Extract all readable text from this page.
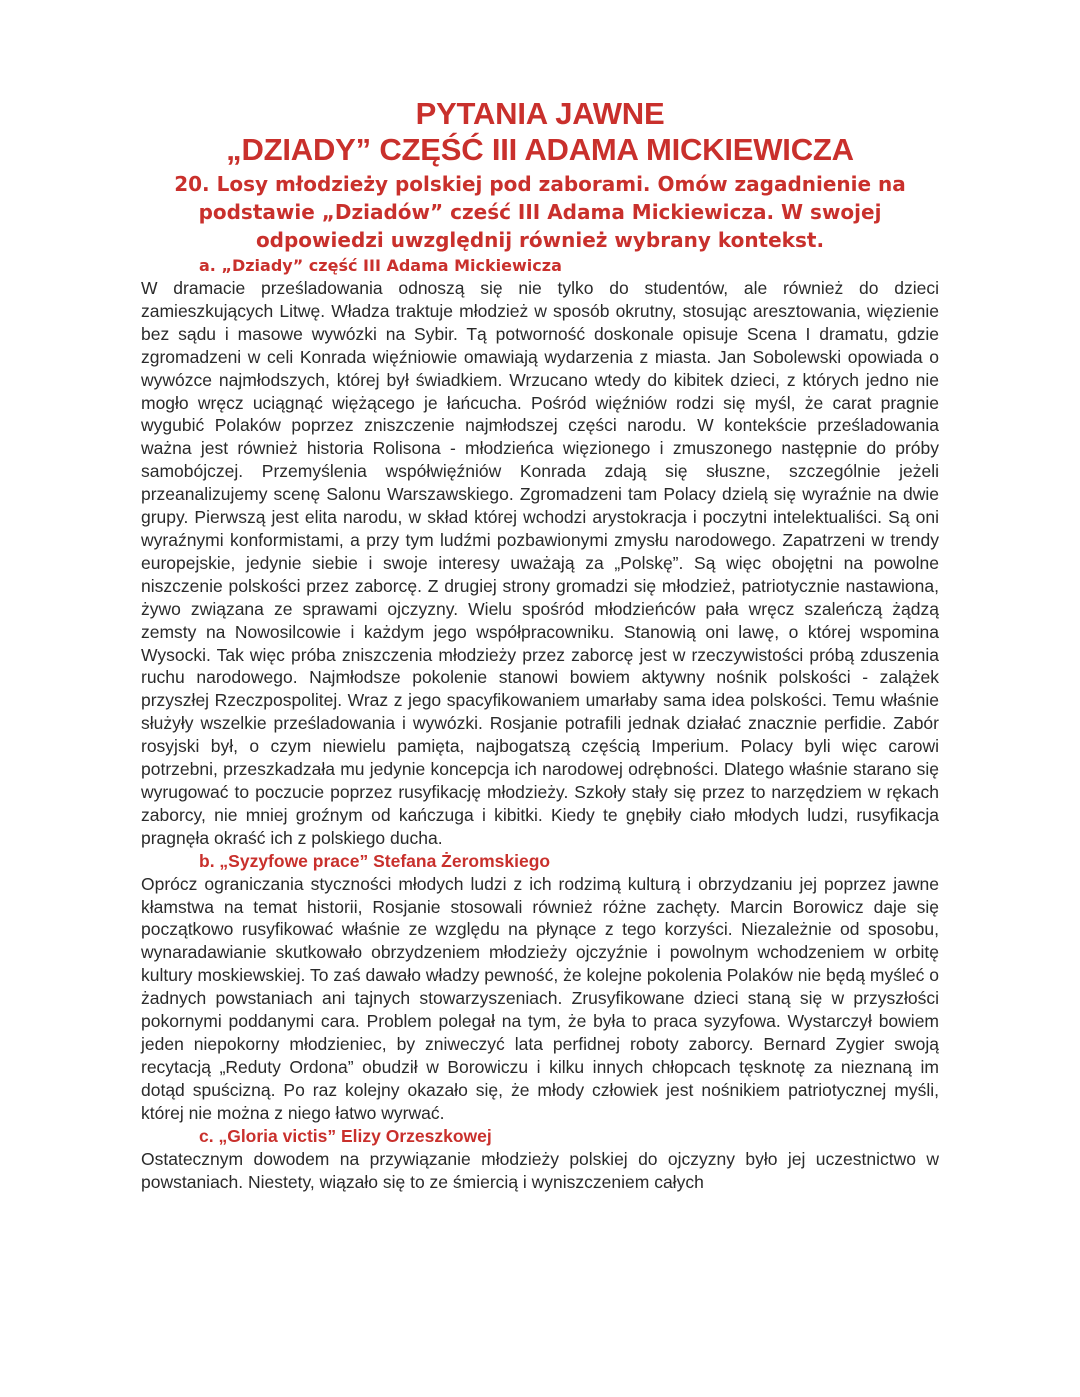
PYTANIA JAWNE
„DZIADY” CZĘŚĆ III ADAMA MICKIEWICZA

20. Losy młodzieży polskiej pod zaborami. Omów zagadnienie na podstawie „Dziadów” cześć III Adama Mickiewicza. W swojej odpowiedzi uwzględnij również wybrany kontekst.

a. „Dziady” część III Adama Mickiewicza

W dramacie prześladowania odnoszą się nie tylko do studentów, ale również do dzieci zamieszkujących Litwę. Władza traktuje młodzież w sposób okrutny, stosując aresztowania, więzienie bez sądu i masowe wywózki na Sybir. Tą potworność doskonale opisuje Scena I dramatu, gdzie zgromadzeni w celi Konrada więźniowie omawiają wydarzenia z miasta. Jan Sobolewski opowiada o wywózce najmłodszych, której był świadkiem. Wrzucano wtedy do kibitek dzieci, z których jedno nie mogło wręcz uciągnąć więżącego je łańcucha. Pośród więźniów rodzi się myśl, że carat pragnie wygubić Polaków poprzez zniszczenie najmłodszej części narodu. W kontekście prześladowania ważna jest również historia Rolisona - młodzieńca więzionego i zmuszonego następnie do próby samobójczej. Przemyślenia współwięźniów Konrada zdają się słuszne, szczególnie jeżeli przeanalizujemy scenę Salonu Warszawskiego. Zgromadzeni tam Polacy dzielą się wyraźnie na dwie grupy. Pierwszą jest elita narodu, w skład której wchodzi arystokracja i poczytni intelektualiści. Są oni wyraźnymi konformistami, a przy tym ludźmi pozbawionymi zmysłu narodowego. Zapatrzeni w trendy europejskie, jedynie siebie i swoje interesy uważają za „Polskę”. Są więc obojętni na powolne niszczenie polskości przez zaborcę. Z drugiej strony gromadzi się młodzież, patriotycznie nastawiona, żywo związana ze sprawami ojczyzny. Wielu spośród młodzieńców pała wręcz szaleńczą żądzą zemsty na Nowosilcowie i każdym jego współpracowniku. Stanowią oni lawę, o której wspomina Wysocki. Tak więc próba zniszczenia młodzieży przez zaborcę jest w rzeczywistości próbą zduszenia ruchu narodowego. Najmłodsze pokolenie stanowi bowiem aktywny nośnik polskości - zalążek przyszłej Rzeczpospolitej. Wraz z jego spacyfikowaniem umarłaby sama idea polskości. Temu właśnie służyły wszelkie prześladowania i wywózki. Rosjanie potrafili jednak działać znacznie perfidie. Zabór rosyjski był, o czym niewielu pamięta, najbogatszą częścią Imperium. Polacy byli więc carowi potrzebni, przeszkadzała mu jedynie koncepcja ich narodowej odrębności. Dlatego właśnie starano się wyrugować to poczucie poprzez rusyfikację młodzieży. Szkoły stały się przez to narzędziem w rękach zaborcy, nie mniej groźnym od kańczuga i kibitki. Kiedy te gnębiły ciało młodych ludzi, rusyfikacja pragnęła okraść ich z polskiego ducha.

b. „Syzyfowe prace” Stefana Żeromskiego

Oprócz ograniczania styczności młodych ludzi z ich rodzimą kulturą i obrzydzaniu jej poprzez jawne kłamstwa na temat historii, Rosjanie stosowali również różne zachęty. Marcin Borowicz daje się początkowo rusyfikować właśnie ze względu na płynące z tego korzyści. Niezależnie od sposobu, wynaradawianie skutkowało obrzydzeniem młodzieży ojczyźnie i powolnym wchodzeniem w orbitę kultury moskiewskiej. To zaś dawało władzy pewność, że kolejne pokolenia Polaków nie będą myśleć o żadnych powstaniach ani tajnych stowarzyszeniach. Zrusyfikowane dzieci staną się w przyszłości pokornymi poddanymi cara. Problem polegał na tym, że była to praca syzyfowa. Wystarczył bowiem jeden niepokorny młodzieniec, by zniweczyć lata perfidnej roboty zaborcy. Bernard Zygier swoją recytacją „Reduty Ordona” obudził w Borowiczu i kilku innych chłopcach tęsknotę za nieznaną im dotąd spuścizną. Po raz kolejny okazało się, że młody człowiek jest nośnikiem patriotycznej myśli, której nie można z niego łatwo wyrwać.

c. „Gloria victis” Elizy Orzeszkowej

Ostatecznym dowodem na przywiązanie młodzieży polskiej do ojczyzny było jej uczestnictwo w powstaniach. Niestety, wiązało się to ze śmiercią i wyniszczeniem całych
